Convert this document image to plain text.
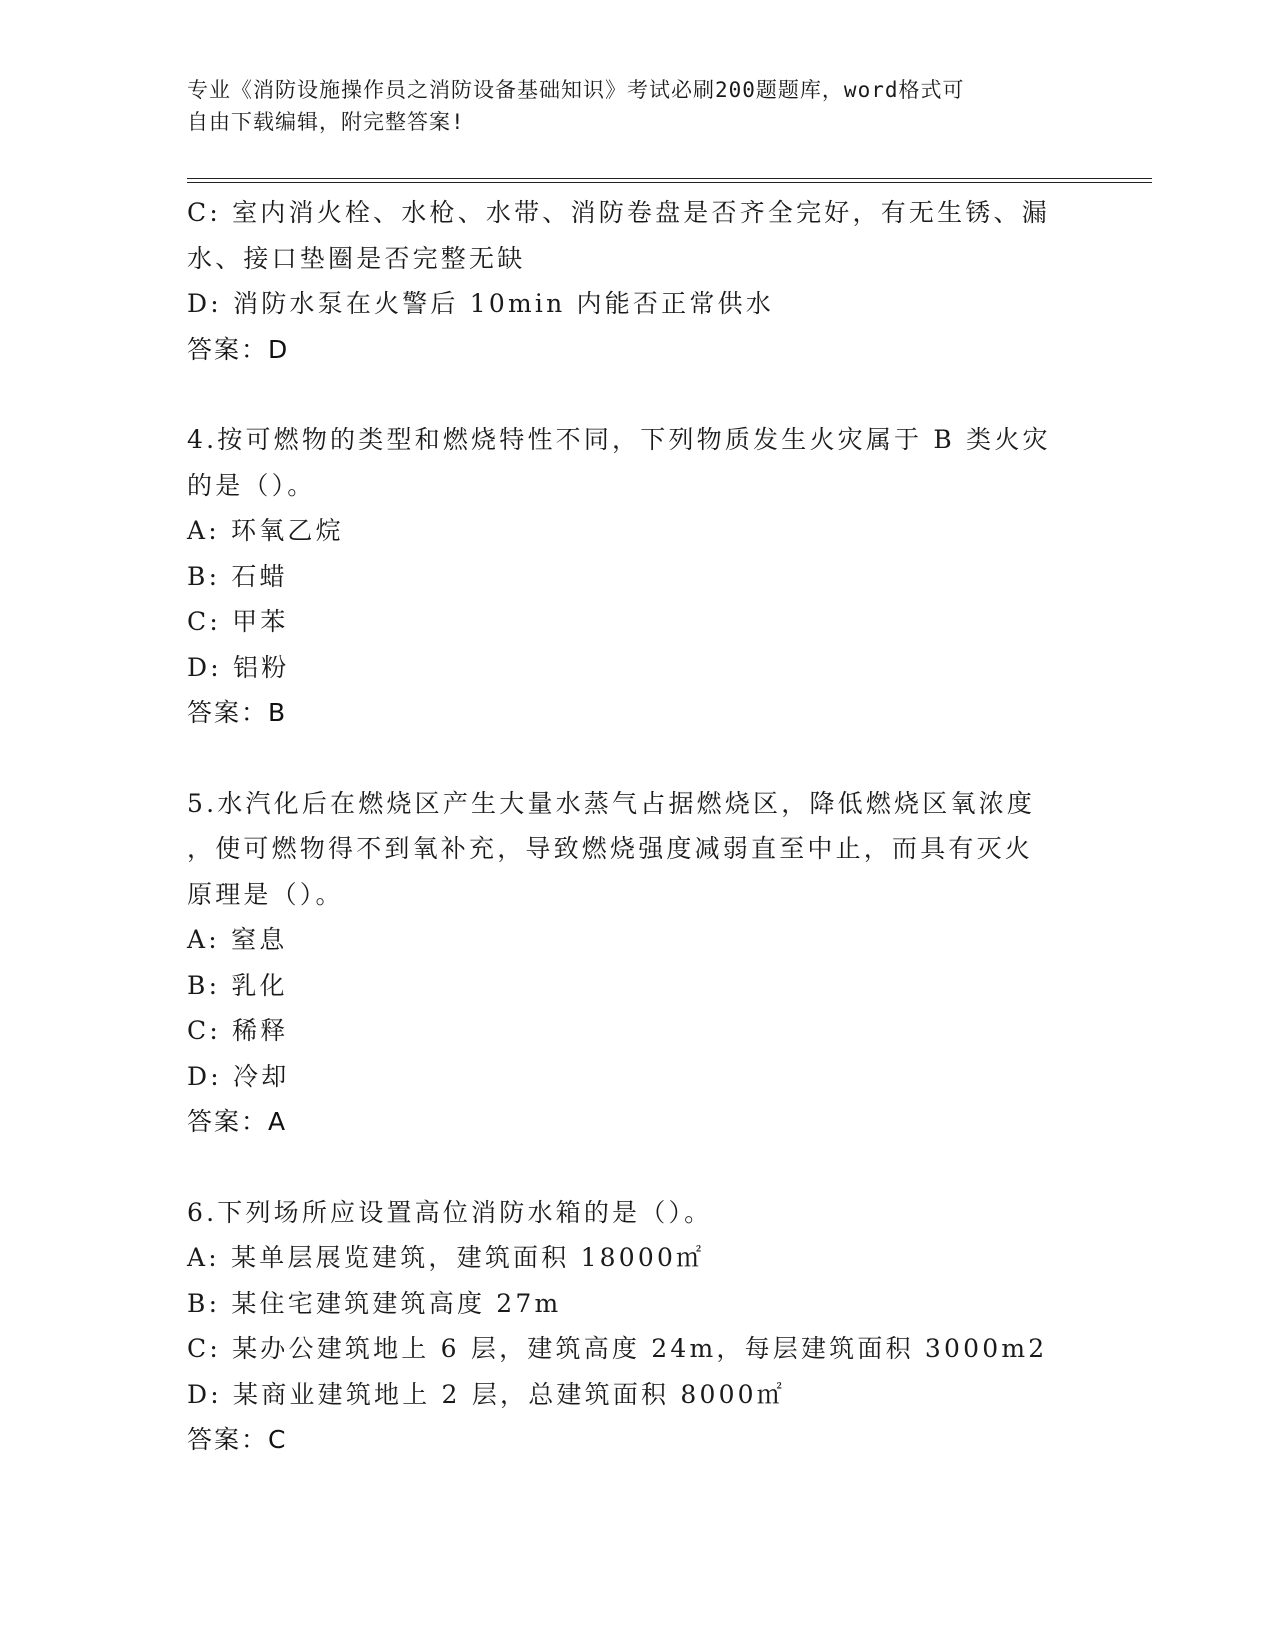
专业《消防设施操作员之消防设备基础知识》考试必刷200题题库，word格式可
自由下载编辑，附完整答案!
C: 室内消火栓、水枪、水带、消防卷盘是否齐全完好，有无生锈、漏
水、接口垫圈是否完整无缺
D: 消防水泵在火警后 10min 内能否正常供水
答案：D
4.按可燃物的类型和燃烧特性不同，下列物质发生火灾属于 B 类火灾
的是（）。
A: 环氧乙烷
B: 石蜡
C: 甲苯
D: 铝粉
答案：B
5.水汽化后在燃烧区产生大量水蒸气占据燃烧区，降低燃烧区氧浓度
，使可燃物得不到氧补充，导致燃烧强度减弱直至中止，而具有灭火
原理是（）。
A: 窒息
B: 乳化
C: 稀释
D: 冷却
答案：A
6.下列场所应设置高位消防水箱的是（）。
A: 某单层展览建筑，建筑面积 18000㎡
B: 某住宅建筑建筑高度 27m
C: 某办公建筑地上 6 层，建筑高度 24m，每层建筑面积 3000m2
D: 某商业建筑地上 2 层，总建筑面积 8000㎡
答案：C
